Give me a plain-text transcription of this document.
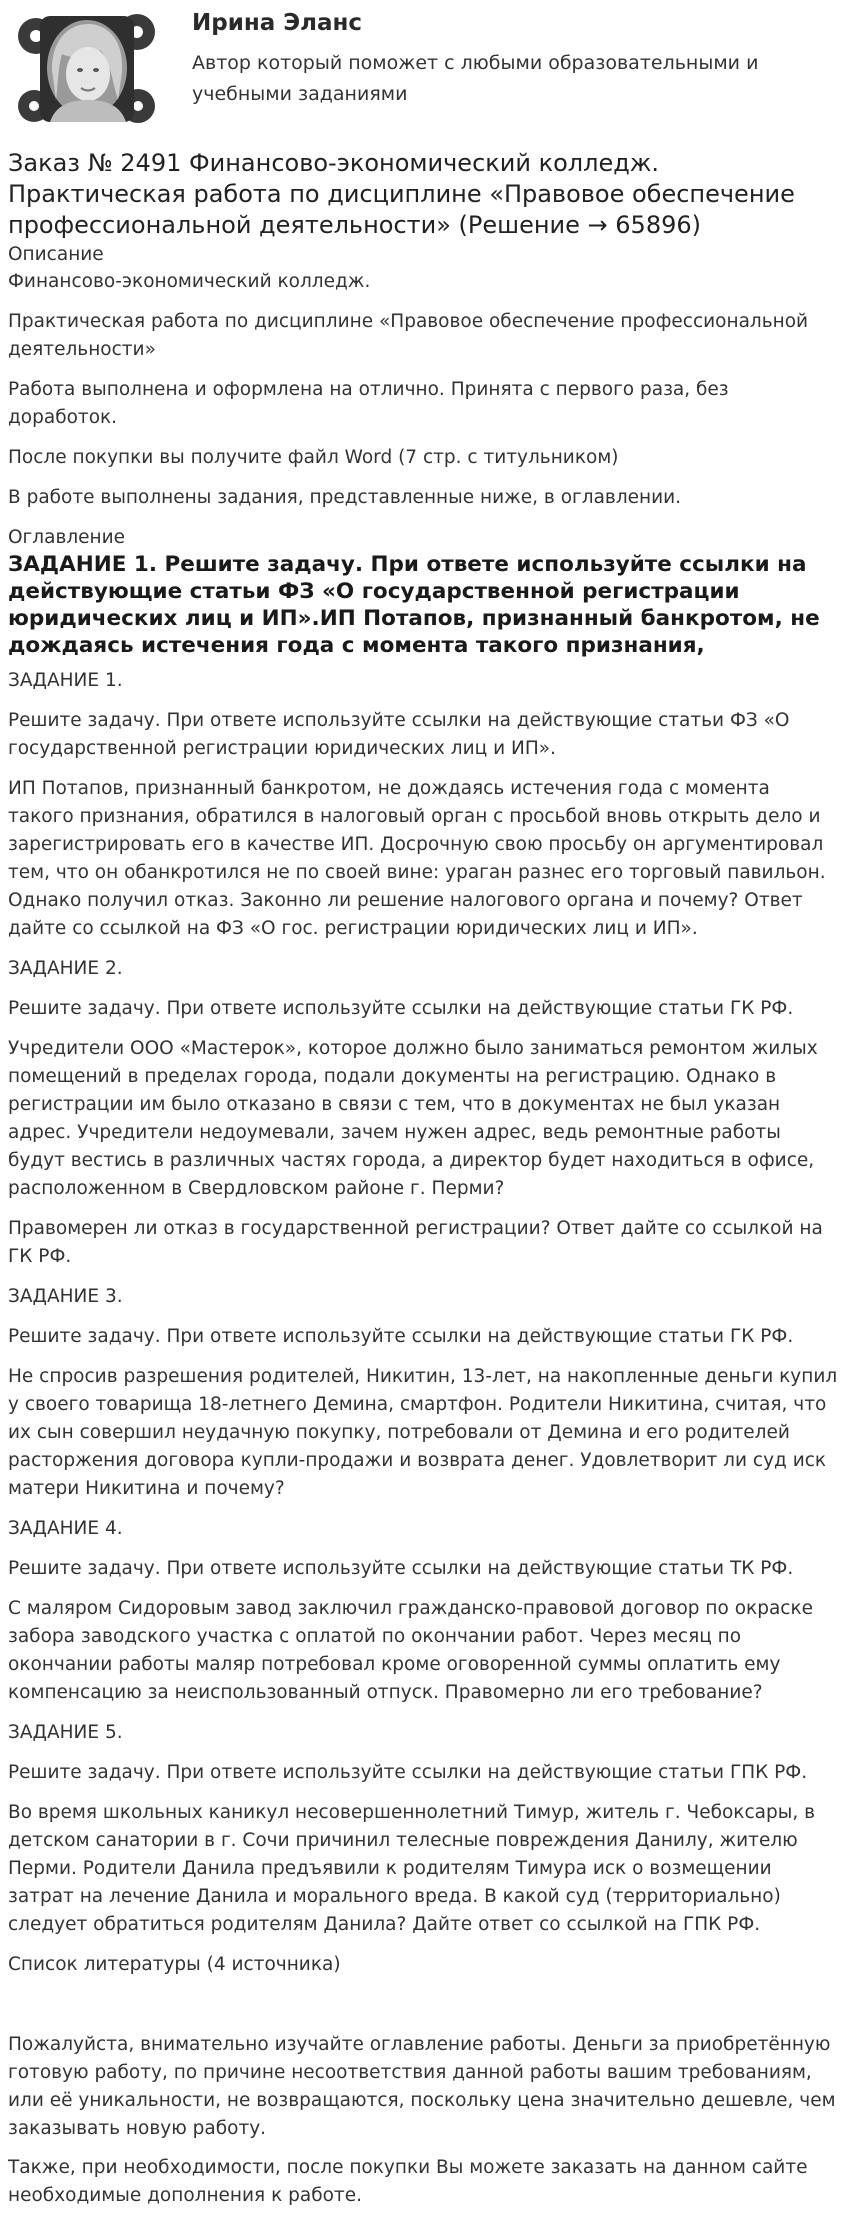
Ирина Эланс
Автор который поможет с любыми образовательными и учебными заданиями
Заказ № 2491 Финансово-экономический колледж. Практическая работа по дисциплине «Правовое обеспечение профессиональной деятельности» (Решение → 65896)
Описание

Финансово-экономический колледж.

Практическая работа по дисциплине «Правовое обеспечение профессиональной деятельности»

Работа выполнена и оформлена на отлично. Принята с первого раза, без доработок.

После покупки вы получите файл Word (7 стр. с титульником)

В работе выполнены задания, представленные ниже, в оглавлении.

Оглавление
ЗАДАНИЕ 1. Решите задачу. При ответе используйте ссылки на действующие статьи ФЗ «О государственной регистрации юридических лиц и ИП».ИП Потапов, признанный банкротом, не дождаясь истечения года с момента такого признания,

ЗАДАНИЕ 1.

Решите задачу. При ответе используйте ссылки на действующие статьи ФЗ «О государственной регистрации юридических лиц и ИП».

ИП Потапов, признанный банкротом, не дождаясь истечения года с момента такого признания, обратился в налоговый орган с просьбой вновь открыть дело и зарегистрировать его в качестве ИП. Досрочную свою просьбу он аргументировал тем, что он обанкротился не по своей вине: ураган разнес его торговый павильон. Однако получил отказ. Законно ли решение налогового органа и почему? Ответ дайте со ссылкой на ФЗ «О гос. регистрации юридических лиц и ИП».

ЗАДАНИЕ 2.

Решите задачу. При ответе используйте ссылки на действующие статьи ГК РФ.

Учредители ООО «Мастерок», которое должно было заниматься ремонтом жилых помещений в пределах города, подали документы на регистрацию. Однако в регистрации им было отказано в связи с тем, что в документах не был указан адрес. Учредители недоумевали, зачем нужен адрес, ведь ремонтные работы будут вестись в различных частях города, а директор будет находиться в офисе, расположенном в Свердловском районе г. Перми?

Правомерен ли отказ в государственной регистрации? Ответ дайте со ссылкой на ГК РФ.

ЗАДАНИЕ 3.

Решите задачу. При ответе используйте ссылки на действующие статьи ГК РФ.

Не спросив разрешения родителей, Никитин, 13-лет, на накопленные деньги купил у своего товарища 18-летнего Демина, смартфон. Родители Никитина, считая, что их сын совершил неудачную покупку, потребовали от Демина и его родителей расторжения договора купли-продажи и возврата денег. Удовлетворит ли суд иск матери Никитина и почему?

ЗАДАНИЕ 4.

Решите задачу. При ответе используйте ссылки на действующие статьи ТК РФ.

С маляром Сидоровым завод заключил гражданско-правовой договор по окраске забора заводского участка с оплатой по окончании работ. Через месяц по окончании работы маляр потребовал кроме оговоренной суммы оплатить ему компенсацию за неиспользованный отпуск. Правомерно ли его требование?

ЗАДАНИЕ 5.

Решите задачу. При ответе используйте ссылки на действующие статьи ГПК РФ.

Во время школьных каникул несовершеннолетний Тимур, житель г. Чебоксары, в детском санатории в г. Сочи причинил телесные повреждения Данилу, жителю Перми. Родители Данила предъявили к родителям Тимура иск о возмещении затрат на лечение Данила и морального вреда. В какой суд (территориально) следует обратиться родителям Данила? Дайте ответ со ссылкой на ГПК РФ.

Список литературы (4 источника)

Пожалуйста, внимательно изучайте оглавление работы. Деньги за приобретённую готовую работу, по причине несоответствия данной работы вашим требованиям, или её уникальности, не возвращаются, поскольку цена значительно дешевле, чем заказывать новую работу.

Также, при необходимости, после покупки Вы можете заказать на данном сайте необходимые дополнения к работе.
